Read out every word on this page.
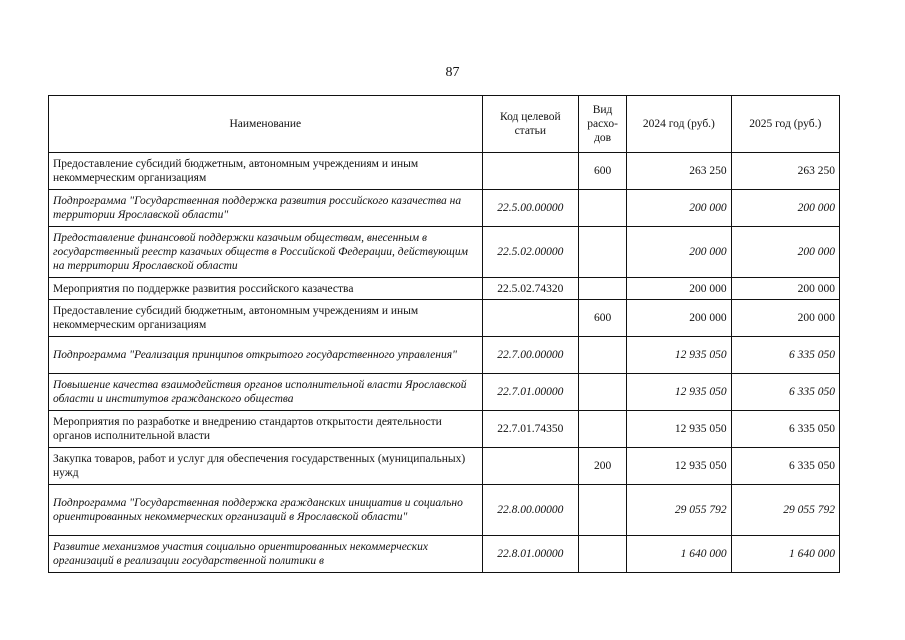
87
Наименование	Код целевой статьи	Вид расхо-дов	2024 год (руб.)	2025 год (руб.)
Предоставление субсидий бюджетным, автономным учреждениям и иным некоммерческим организациям		600	263 250	263 250
Подпрограмма "Государственная поддержка развития российского казачества на территории Ярославской области"	22.5.00.00000		200 000	200 000
Предоставление финансовой поддержки казачьим обществам, внесенным в государственный реестр казачьих обществ в Российской Федерации, действующим на территории Ярославской области	22.5.02.00000		200 000	200 000
Мероприятия по поддержке развития российского казачества	22.5.02.74320		200 000	200 000
Предоставление субсидий бюджетным, автономным учреждениям и иным некоммерческим организациям		600	200 000	200 000
Подпрограмма "Реализация принципов открытого государственного управления"	22.7.00.00000		12 935 050	6 335 050
Повышение качества взаимодействия органов исполнительной власти Ярославской области и институтов гражданского общества	22.7.01.00000		12 935 050	6 335 050
Мероприятия по разработке и внедрению стандартов открытости деятельности органов исполнительной власти	22.7.01.74350		12 935 050	6 335 050
Закупка товаров, работ и услуг для обеспечения государственных (муниципальных) нужд		200	12 935 050	6 335 050
Подпрограмма "Государственная поддержка гражданских инициатив и социально ориентированных некоммерческих организаций в Ярославской области"	22.8.00.00000		29 055 792	29 055 792
Развитие механизмов участия социально ориентированных некоммерческих организаций в реализации государственной политики в	22.8.01.00000		1 640 000	1 640 000
